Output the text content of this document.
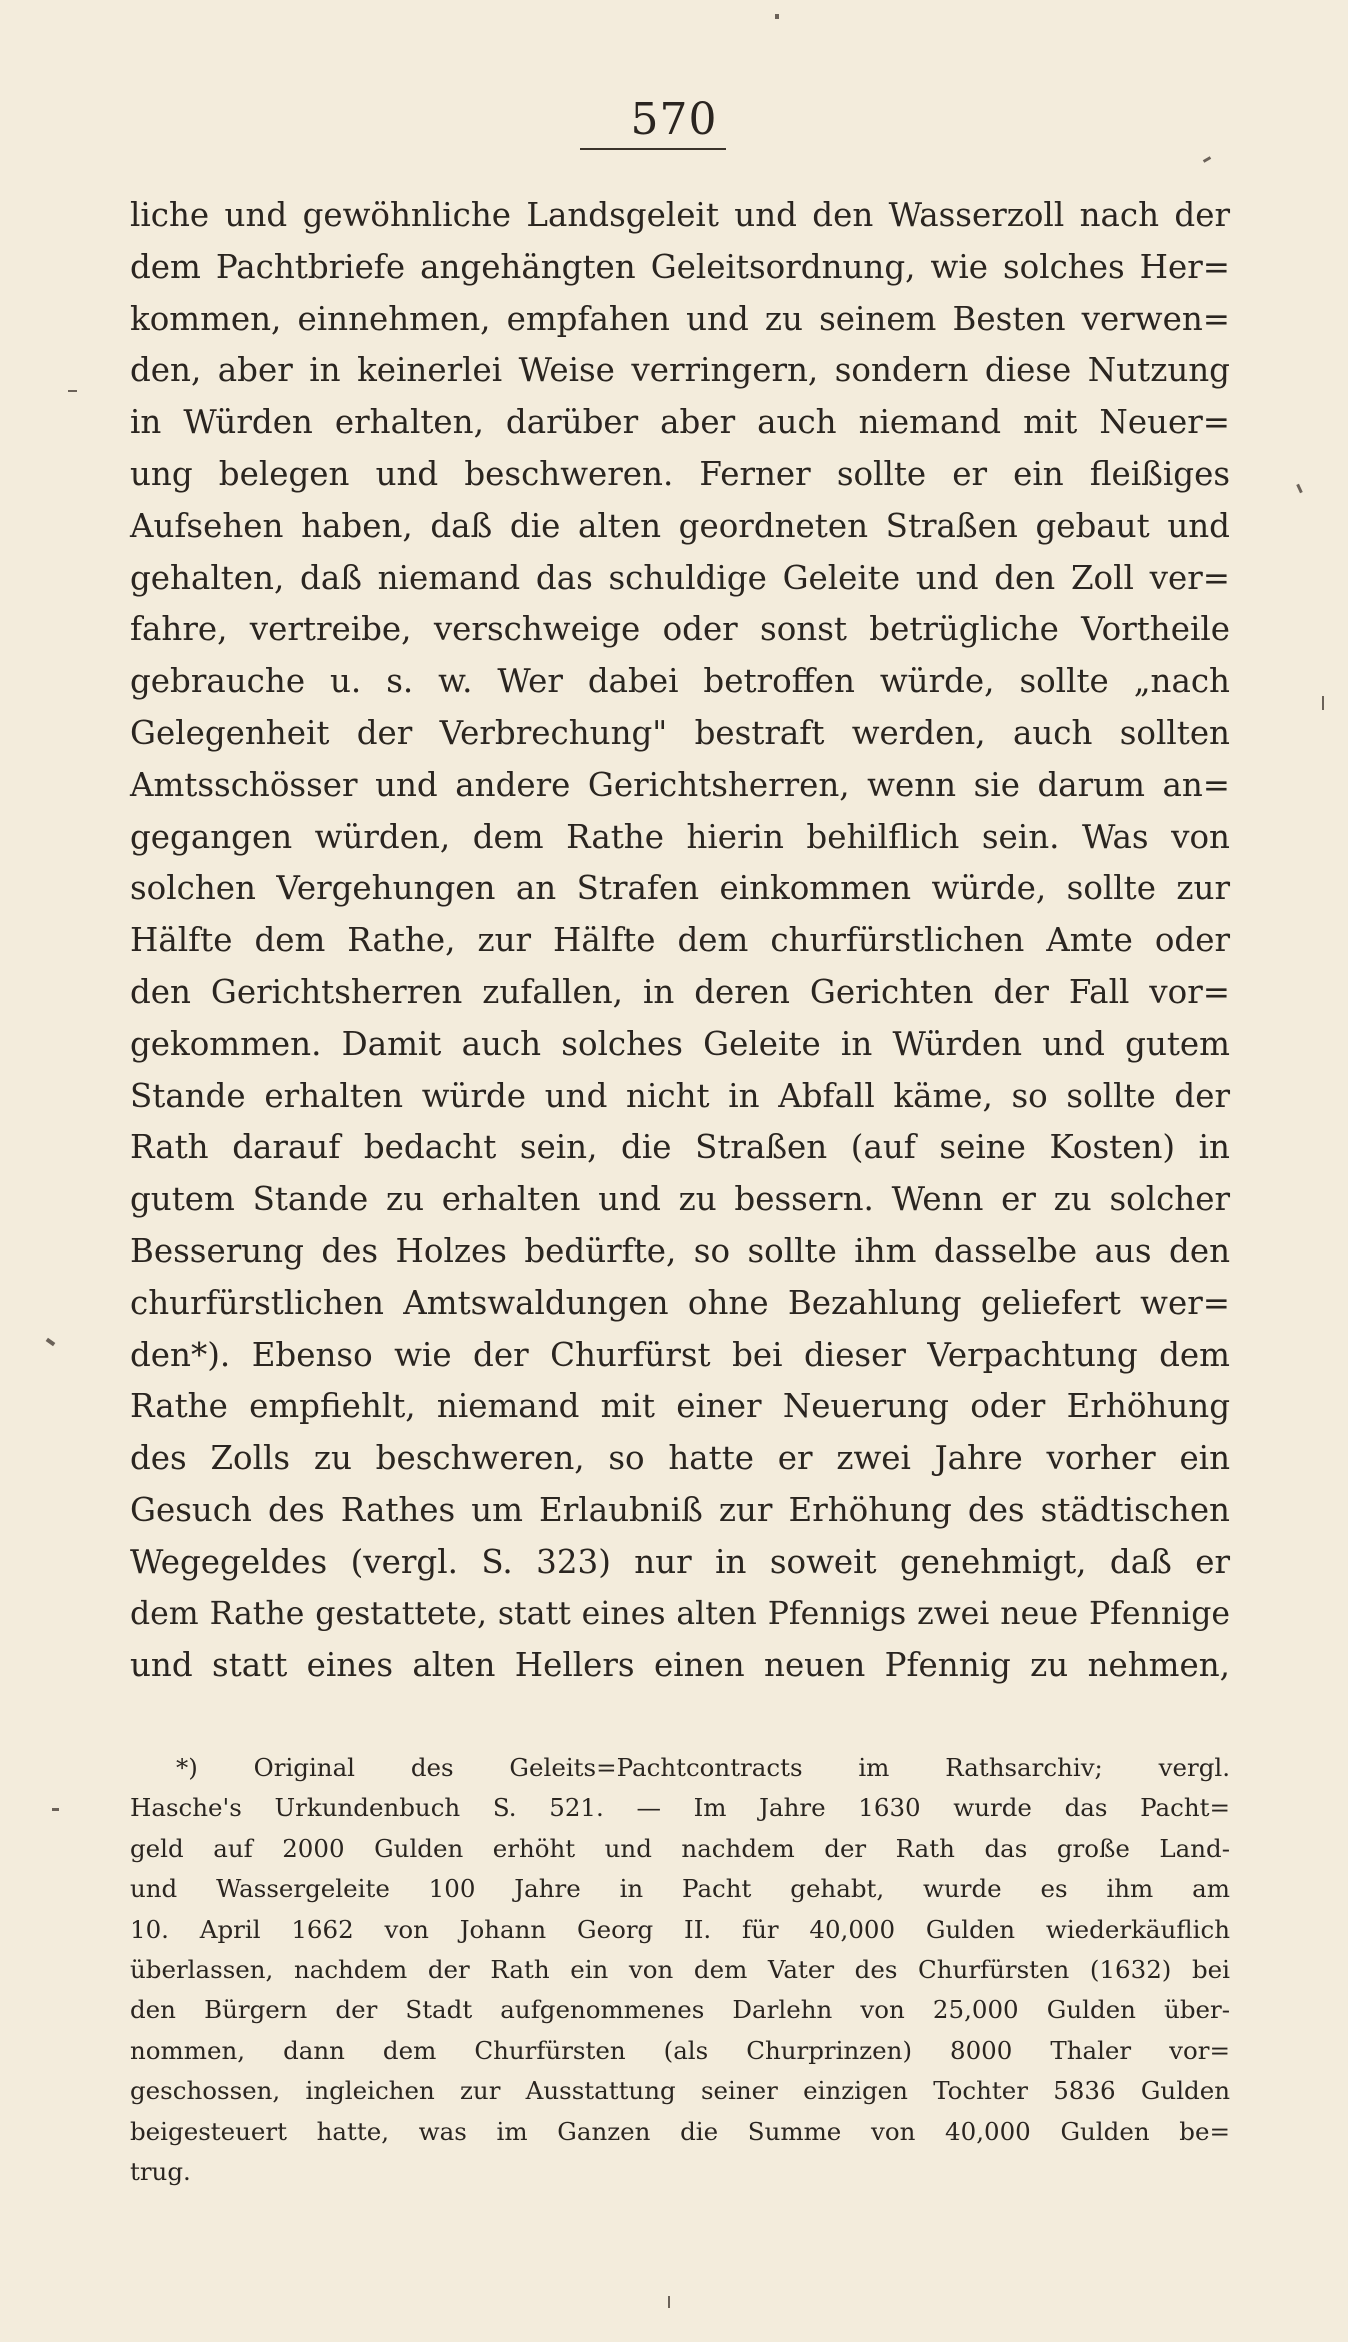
570
liche und gewöhnliche Landsgeleit und den Wasserzoll nach der
dem Pachtbriefe angehängten Geleitsordnung, wie solches Her=
kommen, einnehmen, empfahen und zu seinem Besten verwen=
den, aber in keinerlei Weise verringern, sondern diese Nutzung
in Würden erhalten, darüber aber auch niemand mit Neuer=
ung belegen und beschweren. Ferner sollte er ein fleißiges
Aufsehen haben, daß die alten geordneten Straßen gebaut und
gehalten, daß niemand das schuldige Geleite und den Zoll ver=
fahre, vertreibe, verschweige oder sonst betrügliche Vortheile
gebrauche u. s. w. Wer dabei betroffen würde, sollte „nach
Gelegenheit der Verbrechung" bestraft werden, auch sollten
Amtsschösser und andere Gerichtsherren, wenn sie darum an=
gegangen würden, dem Rathe hierin behilflich sein. Was von
solchen Vergehungen an Strafen einkommen würde, sollte zur
Hälfte dem Rathe, zur Hälfte dem churfürstlichen Amte oder
den Gerichtsherren zufallen, in deren Gerichten der Fall vor=
gekommen. Damit auch solches Geleite in Würden und gutem
Stande erhalten würde und nicht in Abfall käme, so sollte der
Rath darauf bedacht sein, die Straßen (auf seine Kosten) in
gutem Stande zu erhalten und zu bessern. Wenn er zu solcher
Besserung des Holzes bedürfte, so sollte ihm dasselbe aus den
churfürstlichen Amtswaldungen ohne Bezahlung geliefert wer=
den*). Ebenso wie der Churfürst bei dieser Verpachtung dem
Rathe empfiehlt, niemand mit einer Neuerung oder Erhöhung
des Zolls zu beschweren, so hatte er zwei Jahre vorher ein
Gesuch des Rathes um Erlaubniß zur Erhöhung des städtischen
Wegegeldes (vergl. S. 323) nur in soweit genehmigt, daß er
dem Rathe gestattete, statt eines alten Pfennigs zwei neue Pfennige
und statt eines alten Hellers einen neuen Pfennig zu nehmen,
*) Original des Geleits=Pachtcontracts im Rathsarchiv; vergl.
Hasche's Urkundenbuch S. 521. — Im Jahre 1630 wurde das Pacht=
geld auf 2000 Gulden erhöht und nachdem der Rath das große Land-
und Wassergeleite 100 Jahre in Pacht gehabt, wurde es ihm am
10. April 1662 von Johann Georg II. für 40,000 Gulden wiederkäuflich
überlassen, nachdem der Rath ein von dem Vater des Churfürsten (1632) bei
den Bürgern der Stadt aufgenommenes Darlehn von 25,000 Gulden über-
nommen, dann dem Churfürsten (als Churprinzen) 8000 Thaler vor=
geschossen, ingleichen zur Ausstattung seiner einzigen Tochter 5836 Gulden
beigesteuert hatte, was im Ganzen die Summe von 40,000 Gulden be=
trug.
